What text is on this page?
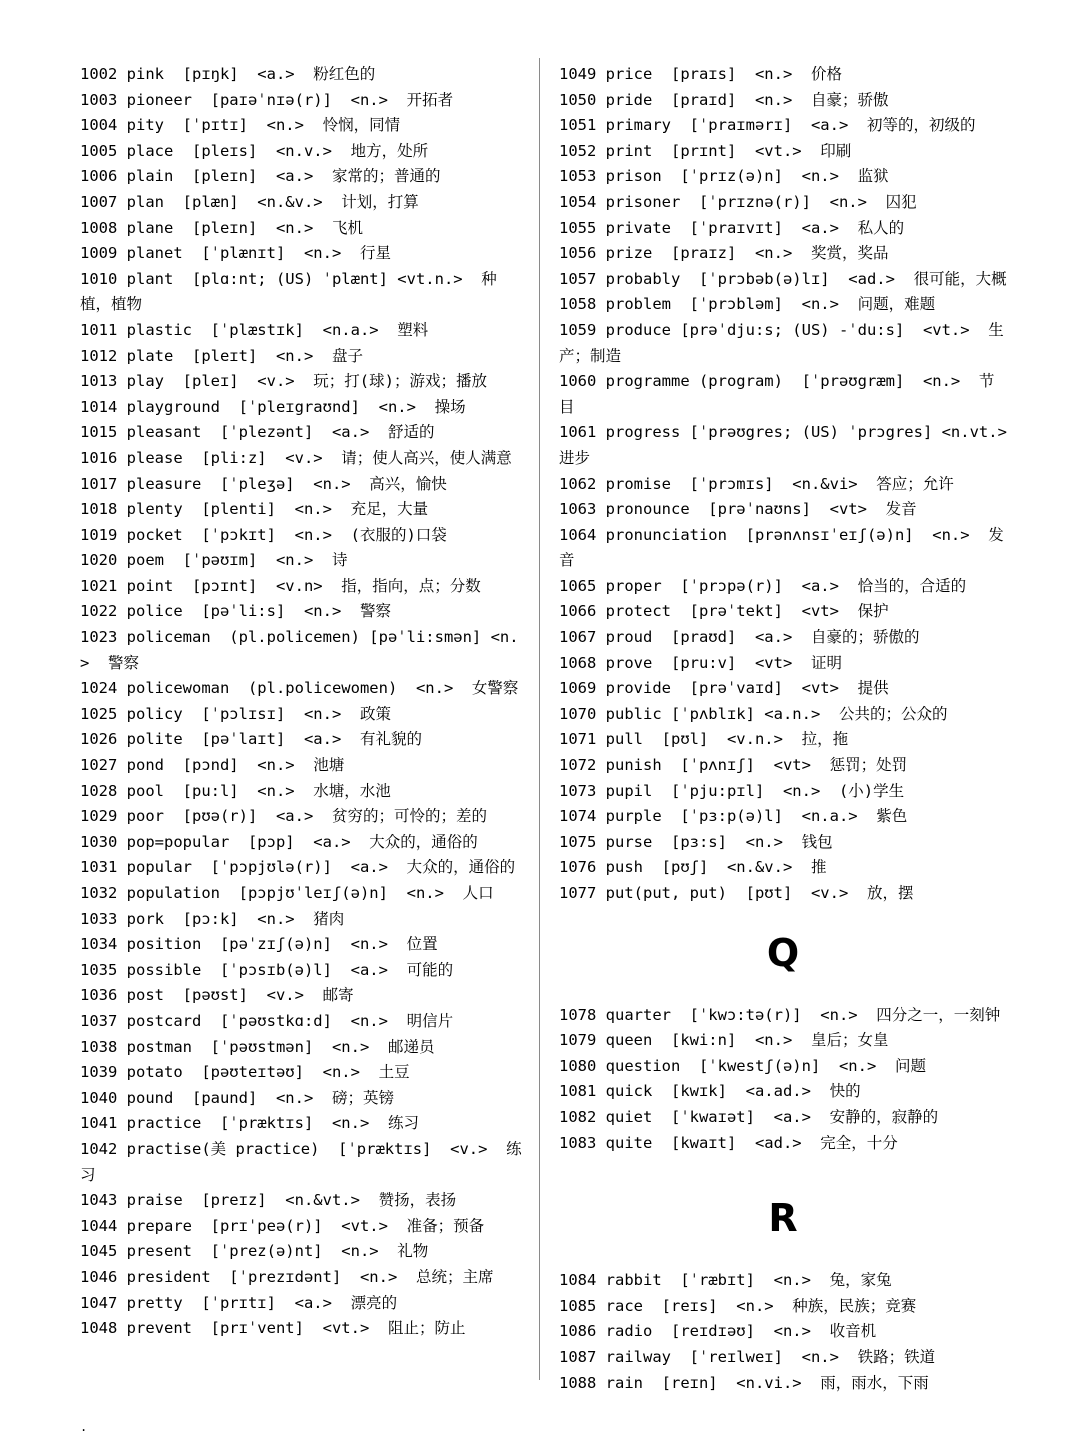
1002 pink  [pɪŋk]  <a.>  粉红色的
1003 pioneer  [paɪəˈnɪə(r)]  <n.>  开拓者
1004 pity  [ˈpɪtɪ]  <n.>  怜悯，同情
1005 place  [pleɪs]  <n.v.>  地方，处所
1006 plain  [pleɪn]  <a.>  家常的；普通的
1007 plan  [plæn]  <n.&v.>  计划，打算
1008 plane  [pleɪn]  <n.>  飞机
1009 planet  [ˈplænɪt]  <n.>  行星
1010 plant  [plɑ:nt; (US) ˈplænt] <vt.n.>  种植，植物
1011 plastic  [ˈplæstɪk]  <n.a.>  塑料
1012 plate  [pleɪt]  <n.>  盘子
1013 play  [pleɪ]  <v.>  玩；打(球)；游戏；播放
1014 playground  [ˈpleɪgraʊnd]  <n.>  操场
1015 pleasant  [ˈplezənt]  <a.>  舒适的
1016 please  [pli:z]  <v.>  请；使人高兴，使人满意
1017 pleasure  [ˈpleʒə]  <n.>  高兴，愉快
1018 plenty  [plenti]  <n.>  充足，大量
1019 pocket  [ˈpɔkɪt]  <n.>  (衣服的)口袋
1020 poem  [ˈpəʊɪm]  <n.>  诗
1021 point  [pɔɪnt]  <v.n>  指，指向，点；分数
1022 police  [pəˈli:s]  <n.>  警察
1023 policeman  (pl.policemen) [pəˈli:smən] <n.>  警察
1024 policewoman  (pl.policewomen)  <n.>  女警察
1025 policy  [ˈpɔlɪsɪ]  <n.>  政策
1026 polite  [pəˈlaɪt]  <a.>  有礼貌的
1027 pond  [pɔnd]  <n.>  池塘
1028 pool  [pu:l]  <n.>  水塘，水池
1029 poor  [pʊə(r)]  <a.>  贫穷的；可怜的；差的
1030 pop=popular  [pɔp]  <a.>  大众的，通俗的
1031 popular  [ˈpɔpjʊlə(r)]  <a.>  大众的，通俗的
1032 population  [pɔpjʊˈleɪʃ(ə)n]  <n.>  人口
1033 pork  [pɔ:k]  <n.>  猪肉
1034 position  [pəˈzɪʃ(ə)n]  <n.>  位置
1035 possible  [ˈpɔsɪb(ə)l]  <a.>  可能的
1036 post  [pəʊst]  <v.>  邮寄
1037 postcard  [ˈpəʊstkɑ:d]  <n.>  明信片
1038 postman  [ˈpəʊstmən]  <n.>  邮递员
1039 potato  [pəʊteɪtəʊ]  <n.>  土豆
1040 pound  [paund]  <n.>  磅；英镑
1041 practice  [ˈpræktɪs]  <n.>  练习
1042 practise(美 practice)  [ˈpræktɪs]  <v.>  练习
1043 praise  [preɪz]  <n.&vt.>  赞扬，表扬
1044 prepare  [prɪˈpeə(r)]  <vt.>  准备；预备
1045 present  [ˈprez(ə)nt]  <n.>  礼物
1046 president  [ˈprezɪdənt]  <n.>  总统；主席
1047 pretty  [ˈprɪtɪ]  <a.>  漂亮的
1048 prevent  [prɪˈvent]  <vt.>  阻止；防止
1049 price  [praɪs]  <n.>  价格
1050 pride  [praɪd]  <n.>  自豪；骄傲
1051 primary  [ˈpraɪmərɪ]  <a.>  初等的，初级的
1052 print  [prɪnt]  <vt.>  印刷
1053 prison  [ˈprɪz(ə)n]  <n.>  监狱
1054 prisoner  [ˈprɪznə(r)]  <n.>  囚犯
1055 private  [ˈpraɪvɪt]  <a.>  私人的
1056 prize  [praɪz]  <n.>  奖赏，奖品
1057 probably  [ˈprɔbəb(ə)lɪ]  <ad.>  很可能，大概
1058 problem  [ˈprɔbləm]  <n.>  问题，难题
1059 produce [prəˈdju:s; (US) -ˈdu:s]  <vt.>  生产；制造
1060 programme (program)  [ˈprəʊgræm]  <n.>  节目
1061 progress [ˈprəʊgres; (US) ˈprɔgres] <n.vt.> 进步
1062 promise  [ˈprɔmɪs]  <n.&vi>  答应；允许
1063 pronounce  [prəˈnaʊns]  <vt>  发音
1064 pronunciation  [prənʌnsɪˈeɪʃ(ə)n]  <n.>  发音
1065 proper  [ˈprɔpə(r)]  <a.>  恰当的，合适的
1066 protect  [prəˈtekt]  <vt>  保护
1067 proud  [praʊd]  <a.>  自豪的；骄傲的
1068 prove  [pru:v]  <vt>  证明
1069 provide  [prəˈvaɪd]  <vt>  提供
1070 public [ˈpʌblɪk] <a.n.>  公共的；公众的
1071 pull  [pʊl]  <v.n.>  拉，拖
1072 punish  [ˈpʌnɪʃ]  <vt>  惩罚；处罚
1073 pupil  [ˈpju:pɪl]  <n.>  (小)学生
1074 purple  [ˈpɜ:p(ə)l]  <n.a.>  紫色
1075 purse  [pɜ:s]  <n.>  钱包
1076 push  [pʊʃ]  <n.&v.>  推
1077 put(put, put)  [pʊt]  <v.>  放，摆
Q
1078 quarter  [ˈkwɔ:tə(r)]  <n.>  四分之一，一刻钟
1079 queen  [kwi:n]  <n.>  皇后；女皇
1080 question  [ˈkwestʃ(ə)n]  <n.>  问题
1081 quick  [kwɪk]  <a.ad.>  快的
1082 quiet  [ˈkwaɪət]  <a.>  安静的，寂静的
1083 quite  [kwaɪt]  <ad.>  完全，十分
R
1084 rabbit  [ˈræbɪt]  <n.>  兔，家兔
1085 race  [reɪs]  <n.>  种族，民族；竞赛
1086 radio  [reɪdɪəʊ]  <n.>  收音机
1087 railway  [ˈreɪlweɪ]  <n.>  铁路；铁道
1088 rain  [reɪn]  <n.vi.>  雨，雨水，下雨
.
